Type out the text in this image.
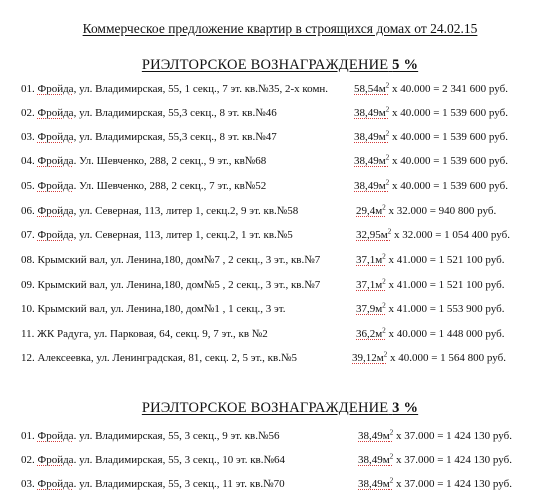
Коммерческое предложение квартир в строящихся домах от 24.02.15
РИЭЛТОРСКОЕ ВОЗНАГРАЖДЕНИЕ 5 %
01. Фройда, ул. Владимирская, 55, 1 секц., 7 эт. кв.№35, 2-х комн. $58,54м^2$ х 40.000 = 2 341 600 руб.
02. Фройда, ул. Владимирская, 55,3 секц., 8 эт. кв.№46	$38,49м^2$ х 40.000 = 1 539 600 руб.
03. Фройда, ул. Владимирская, 55,3 секц., 8 эт. кв.№47	$38,49м^2$ х 40.000 = 1 539 600 руб.
04. Фройда. Ул. Шевченко, 288, 2 секц., 9 эт., кв№68	$38,49м^2$ х 40.000 = 1 539 600 руб.
05. Фройда. Ул. Шевченко, 288, 2 секц., 7 эт., кв№52	$38,49м^2$ х 40.000 = 1 539 600 руб.
06. Фройда, ул. Северная, 113, литер 1, секц.2, 9 эт. кв.№58	$29,4м^2$ х 32.000 = 940 800 руб.
07. Фройда, ул. Северная, 113, литер 1, секц.2, 1 эт. кв.№5	$32,95м^2$ х 32.000 = 1 054 400 руб.
08. Крымский вал, ул. Ленина,180, дом№7 , 2 секц., 3 эт., кв.№7	$37,1м^2$ х 41.000 = 1 521 100 руб.
09. Крымский вал, ул. Ленина,180, дом№5 , 2 секц., 3 эт., кв.№7	$37,1м^2$ х 41.000 = 1 521 100 руб.
10. Крымский вал, ул. Ленина,180, дом№1 , 1 секц., 3 эт.	$37,9м^2$ х 41.000 = 1 553 900 руб.
11. ЖК Радуга, ул. Парковая, 64, секц. 9, 7 эт., кв №2	$36,2м^2$ х 40.000 = 1 448 000 руб.
12. Алексеевка, ул. Ленинградская, 81, секц. 2, 5 эт., кв.№5	$39,12м^2$ х 40.000 = 1 564 800 руб.
РИЭЛТОРСКОЕ ВОЗНАГРАЖДЕНИЕ 3 %
01. Фройда. ул. Владимирская, 55, 3 секц., 9 эт. кв.№56	$38,49м^2$ х 37.000 = 1 424 130 руб.
02. Фройда. ул. Владимирская, 55, 3 секц., 10 эт. кв.№64	$38,49м^2$ х 37.000 = 1 424 130 руб.
03. Фройда. ул. Владимирская, 55, 3 секц., 11 эт. кв.№70	$38,49м^2$ х 37.000 = 1 424 130 руб.
